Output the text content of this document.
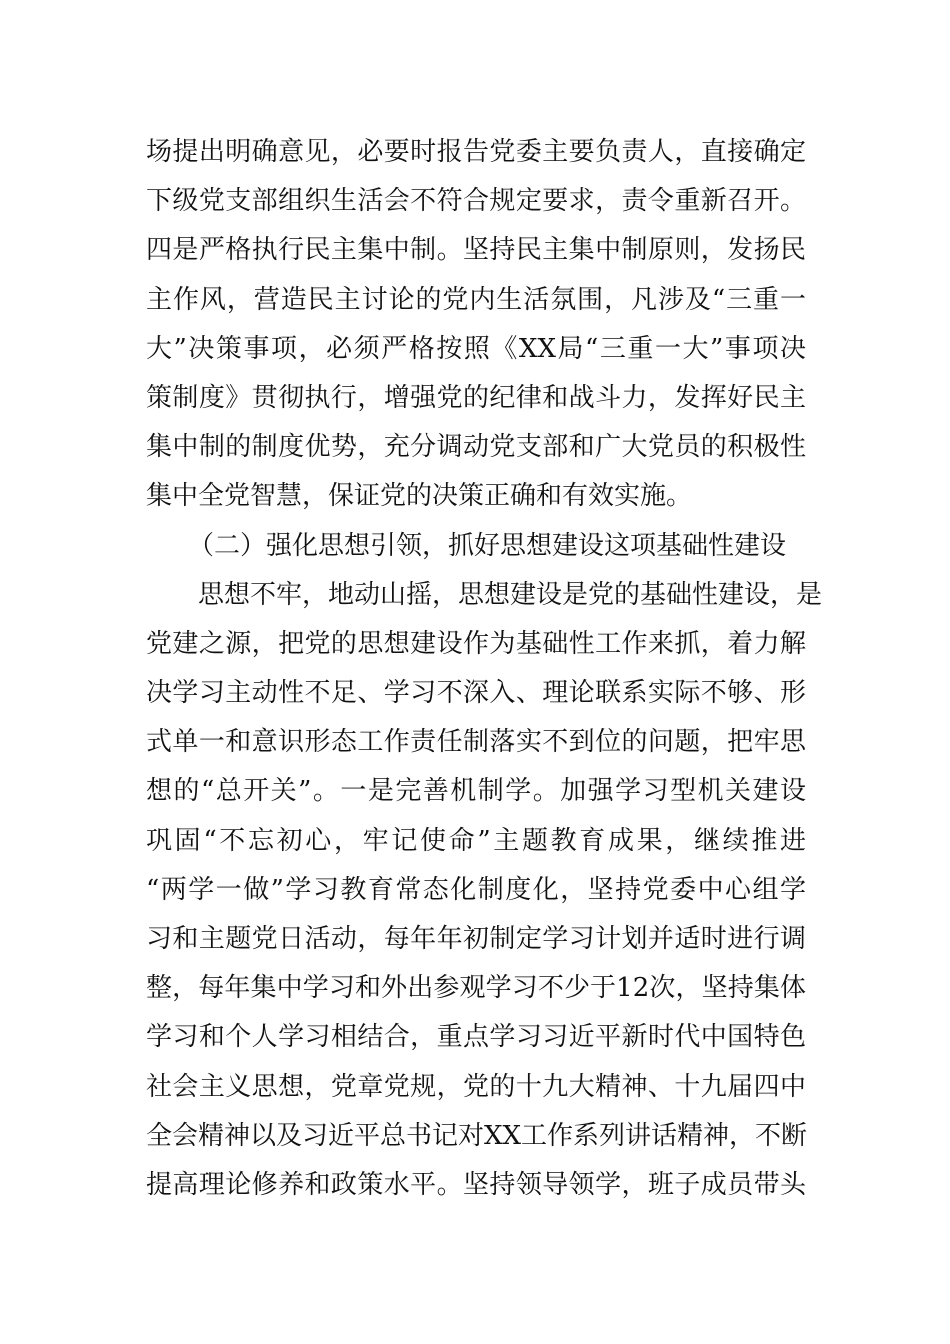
场提出明确意见，必要时报告党委主要负责人，直接确定
下级党支部组织生活会不符合规定要求，责令重新召开。
四是严格执行民主集中制。坚持民主集中制原则，发扬民
主作风，营造民主讨论的党内生活氛围，凡涉及“三重一
大”决策事项，必须严格按照《XX局“三重一大”事项决
策制度》贯彻执行，增强党的纪律和战斗力，发挥好民主
集中制的制度优势，充分调动党支部和广大党员的积极性
集中全党智慧，保证党的决策正确和有效实施。
（二）强化思想引领，抓好思想建设这项基础性建设
思想不牢，地动山摇，思想建设是党的基础性建设，是
党建之源，把党的思想建设作为基础性工作来抓，着力解
决学习主动性不足、学习不深入、理论联系实际不够、形
式单一和意识形态工作责任制落实不到位的问题，把牢思
想的“总开关”。一是完善机制学。加强学习型机关建设
巩固“不忘初心，牢记使命”主题教育成果，继续推进
“两学一做”学习教育常态化制度化，坚持党委中心组学
习和主题党日活动，每年年初制定学习计划并适时进行调
整，每年集中学习和外出参观学习不少于12次，坚持集体
学习和个人学习相结合，重点学习习近平新时代中国特色
社会主义思想，党章党规，党的十九大精神、十九届四中
全会精神以及习近平总书记对XX工作系列讲话精神，不断
提高理论修养和政策水平。坚持领导领学，班子成员带头
